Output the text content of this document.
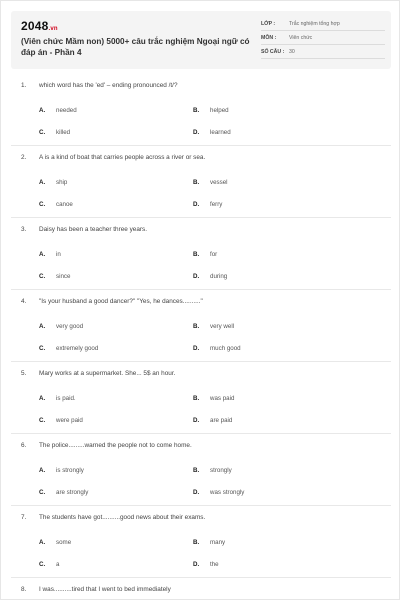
2048.vn
(Viên chức Mầm non) 5000+ câu trắc nghiệm Ngoại ngữ có đáp án - Phần 4
LỚP :	Trắc nghiệm tổng hợp
MÔN :	Viên chức
SỐ CÂU : 30
1.	which word has the 'ed' – ending pronounced /t/?
A.	needed	B.	helped
C.	killed	D.	learned
2.	A is a kind of boat that carries people across a river or sea.
A.	ship	B.	vessel
C.	canoe	D.	ferry
3.	Daisy has been a teacher three years.
A.	in	B.	for
C.	since	D.	during
4.	"Is your husband a good dancer?" "Yes, he dances.........."
A.	very good	B.	very well
C.	extremely good	D.	much good
5.	Mary works at a supermarket. She... 5$ an hour.
A.	is paid.	B.	was paid
C.	were paid	D.	are paid
6.	The police.........warned the people not to come home.
A.	is strongly	B.	strongly
C.	are strongly	D.	was strongly
7.	The students have got..........good news about their exams.
A.	some	B.	many
C.	a	D.	the
8.	I was..........tired that I went to bed immediately
